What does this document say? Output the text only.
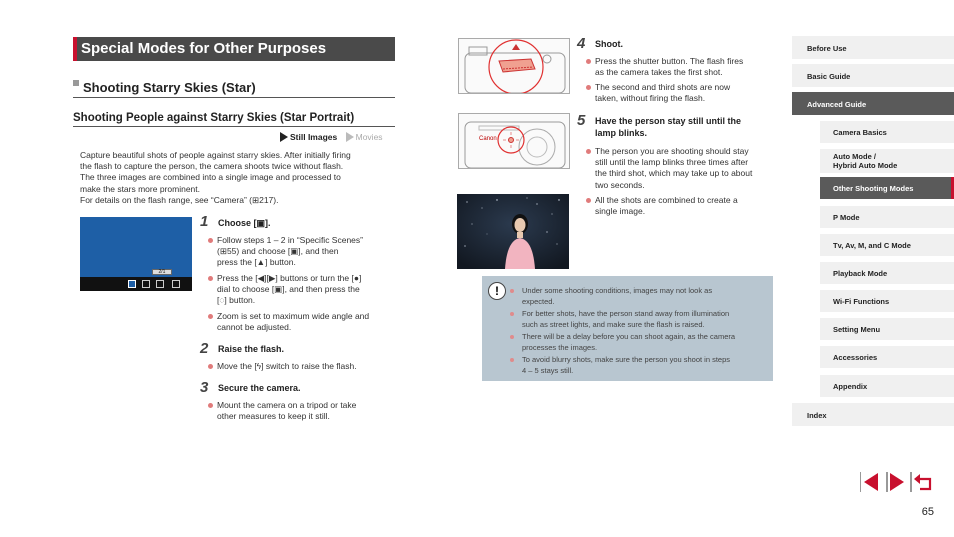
Special Modes for Other Purposes
Shooting Starry Skies (Star)
Shooting People against Starry Skies (Star Portrait)
Still Images
Movies
Capture beautiful shots of people against starry skies. After initially firing
the flash to capture the person, the camera shoots twice without flash.
The three images are combined into a single image and processed to
make the stars more prominent.
For details on the flash range, see “Camera” (⊞217).
2/1
1 Choose [▣].
Follow steps 1 – 2 in “Specific Scenes”
(⊞55) and choose [▣], and then
press the [▲] button.
Press the [◀][▶] buttons or turn the [●]
dial to choose [▣], and then press the
[◌] button.
Zoom is set to maximum wide angle and
cannot be adjusted.
2 Raise the flash.
Move the [ϟ] switch to raise the flash.
3 Secure the camera.
Mount the camera on a tripod or take
other measures to keep it still.
Canon
4 Shoot.
Press the shutter button. The flash fires
as the camera takes the first shot.
The second and third shots are now
taken, without firing the flash.
5 Have the person stay still until the
lamp blinks.
The person you are shooting should stay
still until the lamp blinks three times after
the third shot, which may take up to about
two seconds.
All the shots are combined to create a
single image.
!	Under some shooting conditions, images may not look as
expected.
For better shots, have the person stand away from illumination
such as street lights, and make sure the flash is raised.
There will be a delay before you can shoot again, as the camera
processes the images.
To avoid blurry shots, make sure the person you shoot in steps
4 – 5 stays still.
Before Use
Basic Guide
Advanced Guide
Camera Basics
Auto Mode /
Hybrid Auto Mode
Other Shooting Modes
P Mode
Tv, Av, M, and C Mode
Playback Mode
Wi-Fi Functions
Setting Menu
Accessories
Appendix
Index
65
